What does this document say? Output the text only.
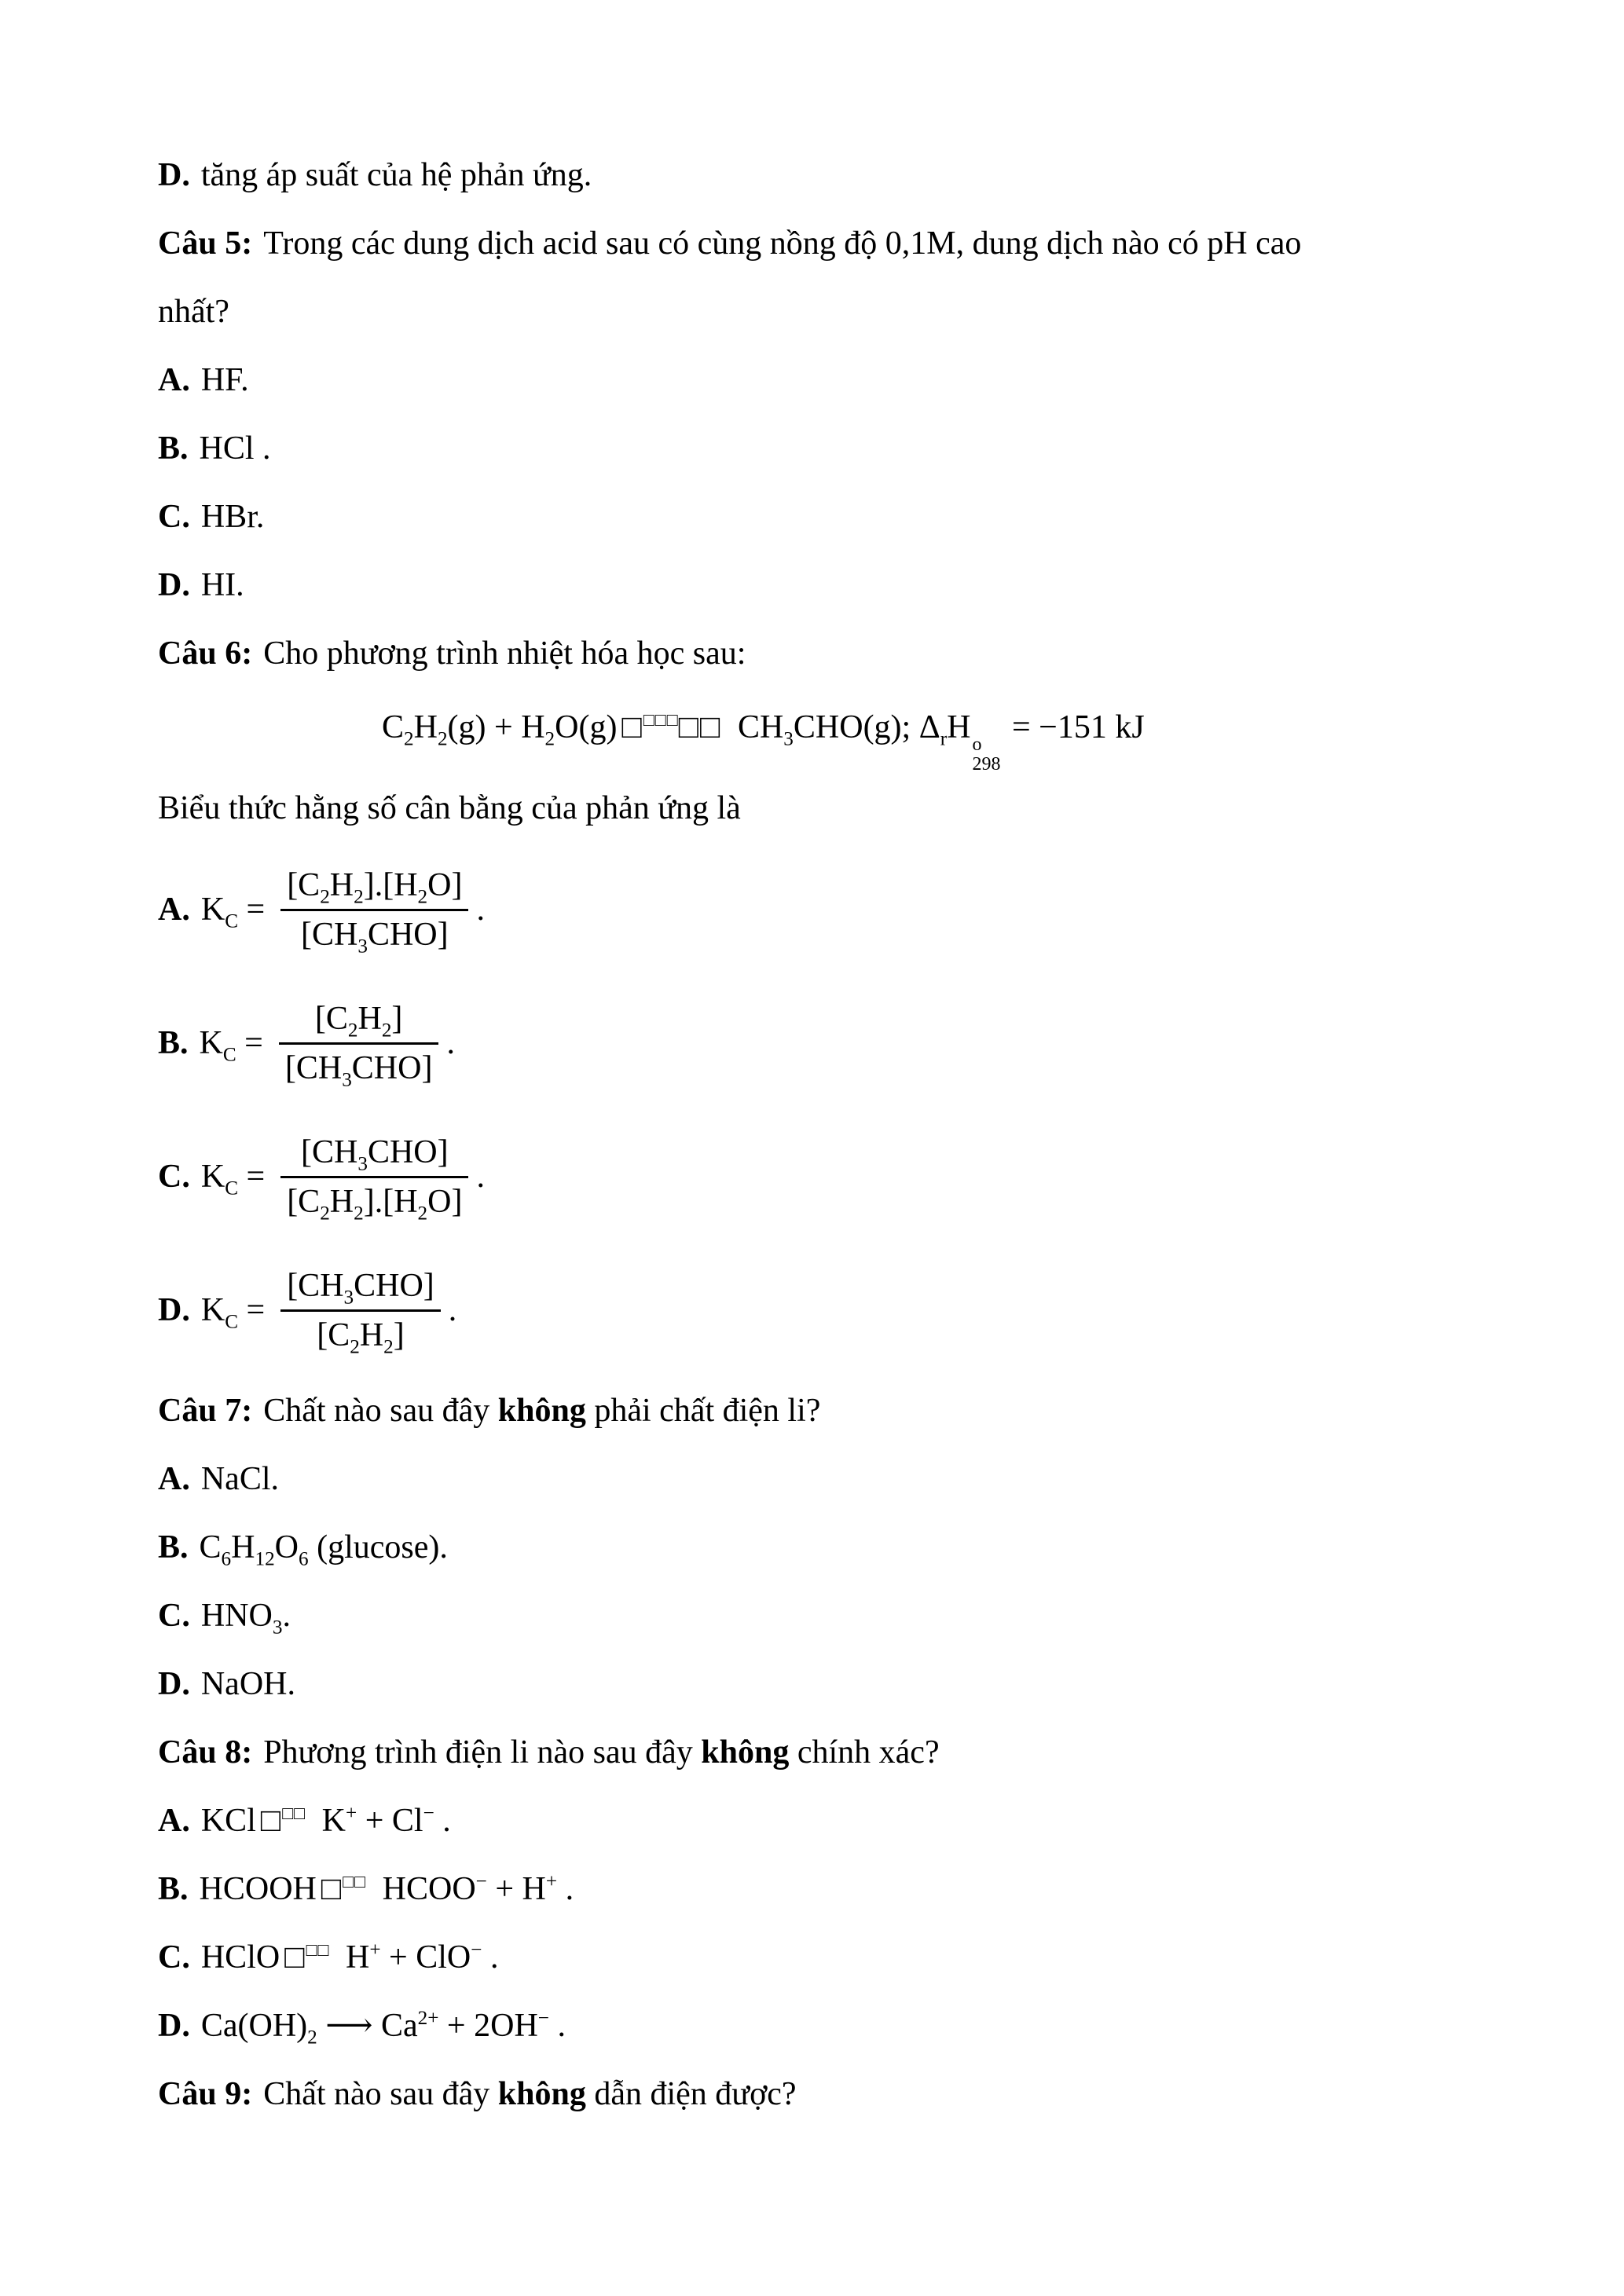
D. tăng áp suất của hệ phản ứng.
Câu 5: Trong các dung dịch acid sau có cùng nồng độ 0,1M, dung dịch nào có pH cao
nhất?
A. HF.
B. HCl .
C. HBr.
D. HI.
Câu 6: Cho phương trình nhiệt hóa học sau:
$C_2H_2(g) + H_2O(g)$ □□□□□□ $CH_3CHO(g)$; $\Delta_rH$ o
298
= −151 kJ
Biểu thức hằng số cân bằng của phản ứng là
A. $K_C = \frac{[C_2H_2].[H_2O]}{[CH_3CHO]}$ .
B. $K_C = \frac{[C_2H_2]}{[CH_3CHO]}$ .
C. $K_C = \frac{[CH_3CHO]}{[C_2H_2].[H_2O]}$ .
D. $K_C = \frac{[CH_3CHO]}{[C_2H_2]}$ .
Câu 7: Chất nào sau đây không phải chất điện li?
A. NaCl.
B. $C_6H_{12}O_6$ (glucose).
C. $HNO_3$.
D. NaOH.
Câu 8: Phương trình điện li nào sau đây không chính xác?
A. KCl □□□ K+ + Cl− .
B. HCOOH □□□ HCOO− + H+ .
C. HClO □□□ H+ + ClO− .
D. $Ca(OH)_2$ ⟶ $Ca^{2+} + 2OH^-$ .
Câu 9: Chất nào sau đây không dẫn điện được?
